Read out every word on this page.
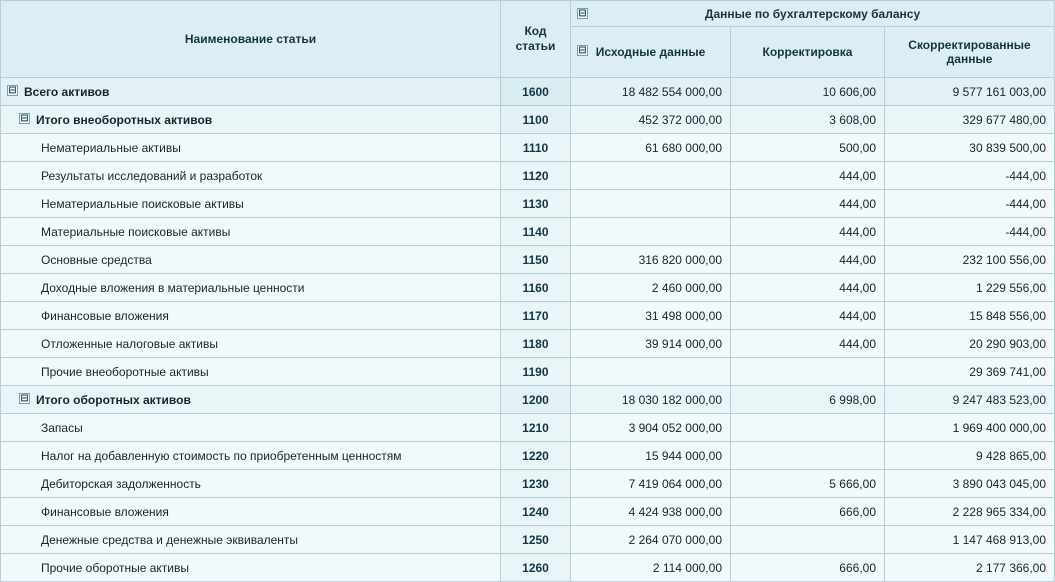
Наименование статьи	
Код
статьи

⊟	Данные по бухгалтерскому балансу

		⊟ Исходные данные	Корректировка	Скорректированные данные
⊟ Всего активов	1600	18 482 554 000,00	10 606,00	9 577 161 003,00
⊟ Итого внеоборотных активов	1100	452 372 000,00	3 608,00	329 677 480,00
Нематериальные активы	1110	61 680 000,00	500,00	30 839 500,00
Результаты исследований и разработок	1120		444,00	-444,00
Нематериальные поисковые активы	1130		444,00	-444,00
Материальные поисковые активы	1140		444,00	-444,00
Основные средства	1150	316 820 000,00	444,00	232 100 556,00
Доходные вложения в материальные ценности	1160	2 460 000,00	444,00	1 229 556,00
Финансовые вложения	1170	31 498 000,00	444,00	15 848 556,00
Отложенные налоговые активы	1180	39 914 000,00	444,00	20 290 903,00
Прочие внеоборотные активы	1190			29 369 741,00
⊟ Итого оборотных активов	1200	18 030 182 000,00	6 998,00	9 247 483 523,00
Запасы	1210	3 904 052 000,00		1 969 400 000,00
Налог на добавленную стоимость по приобретенным ценностям	1220	15 944 000,00		9 428 865,00
Дебиторская задолженность	1230	7 419 064 000,00	5 666,00	3 890 043 045,00
Финансовые вложения	1240	4 424 938 000,00	666,00	2 228 965 334,00
Денежные средства и денежные эквиваленты	1250	2 264 070 000,00		1 147 468 913,00
Прочие оборотные активы	1260	2 114 000,00	666,00	2 177 366,00
